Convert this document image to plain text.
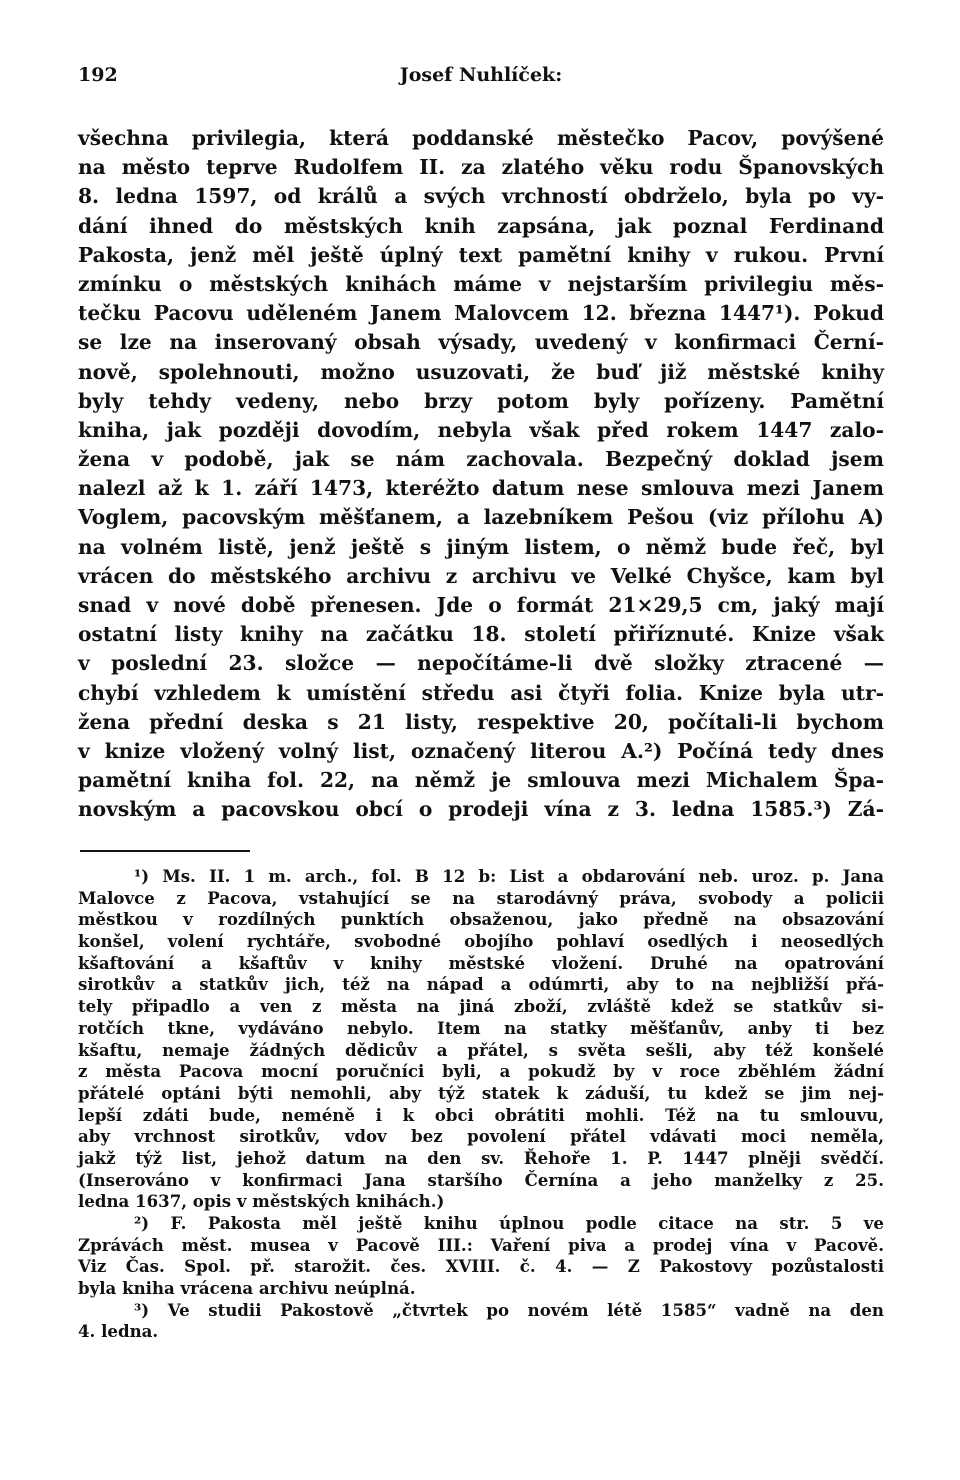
192	Josef Nuhlíček:
všechna privilegia, která poddanské městečko Pacov, povýšené
na město teprve Rudolfem II. za zlatého věku rodu Španovských
8. ledna 1597, od králů a svých vrchností obdrželo, byla po vy-
dání ihned do městských knih zapsána, jak poznal Ferdinand
Pakosta, jenž měl ještě úplný text pamětní knihy v rukou. První
zmínku o městských knihách máme v nejstarším privilegiu měs-
tečku Pacovu uděleném Janem Malovcem 12. března 1447¹). Pokud
se lze na inserovaný obsah výsady, uvedený v konfirmaci Černí-
nově, spolehnouti, možno usuzovati, že buď již městské knihy
byly tehdy vedeny, nebo brzy potom byly pořízeny. Pamětní
kniha, jak později dovodím, nebyla však před rokem 1447 zalo-
žena v podobě, jak se nám zachovala. Bezpečný doklad jsem
nalezl až k 1. září 1473, kteréžto datum nese smlouva mezi Janem
Voglem, pacovským měšťanem, a lazebníkem Pešou (viz přílohu A)
na volném listě, jenž ještě s jiným listem, o němž bude řeč, byl
vrácen do městského archivu z archivu ve Velké Chyšce, kam byl
snad v nové době přenesen. Jde o formát 21×29,5 cm, jaký mají
ostatní listy knihy na začátku 18. století přiříznuté. Knize však
v poslední 23. složce — nepočítáme-li dvě složky ztracené —
chybí vzhledem k umístění středu asi čtyři folia. Knize byla utr-
žena přední deska s 21 listy, respektive 20, počítali-li bychom
v knize vložený volný list, označený literou A.²) Počíná tedy dnes
pamětní kniha fol. 22, na němž je smlouva mezi Michalem Špa-
novským a pacovskou obcí o prodeji vína z 3. ledna 1585.³) Zá-
¹) Ms. II. 1 m. arch., fol. B 12 b: List a obdarování neb. uroz. p. Jana
Malovce z Pacova, vstahující se na starodávný práva, svobody a policii
městkou v rozdílných punktích obsaženou, jako předně na obsazování
konšel, volení rychtáře, svobodné obojího pohlaví osedlých i neosedlých
kšaftování a kšaftův v knihy městské vložení. Druhé na opatrování
sirotkův a statkův jich, též na nápad a odúmrti, aby to na nejbližší přá-
tely připadlo a ven z města na jiná zboží, zvláště kdež se statkův si-
rotčích tkne, vydáváno nebylo. Item na statky měšťanův, anby ti bez
kšaftu, nemaje žádných dědicův a přátel, s světa sešli, aby též konšelé
z města Pacova mocní poručníci byli, a pokudž by v roce zběhlém žádní
přátelé optáni býti nemohli, aby týž statek k záduší, tu kdež se jim nej-
lepší zdáti bude, neméně i k obci obrátiti mohli. Též na tu smlouvu,
aby vrchnost sirotkův, vdov bez povolení přátel vdávati moci neměla,
jakž týž list, jehož datum na den sv. Řehoře 1. P. 1447 plněji svědčí.
(Inserováno v konfirmaci Jana staršího Černína a jeho manželky z 25.
ledna 1637, opis v městských knihách.)
²) F. Pakosta měl ještě knihu úplnou podle citace na str. 5 ve
Zprávách měst. musea v Pacově III.: Vaření piva a prodej vína v Pacově.
Viz Čas. Spol. př. starožit. čes. XVIII. č. 4. — Z Pakostovy pozůstalosti
byla kniha vrácena archivu neúplná.
³) Ve studii Pakostově „čtvrtek po novém létě 1585“ vadně na den
4. ledna.
